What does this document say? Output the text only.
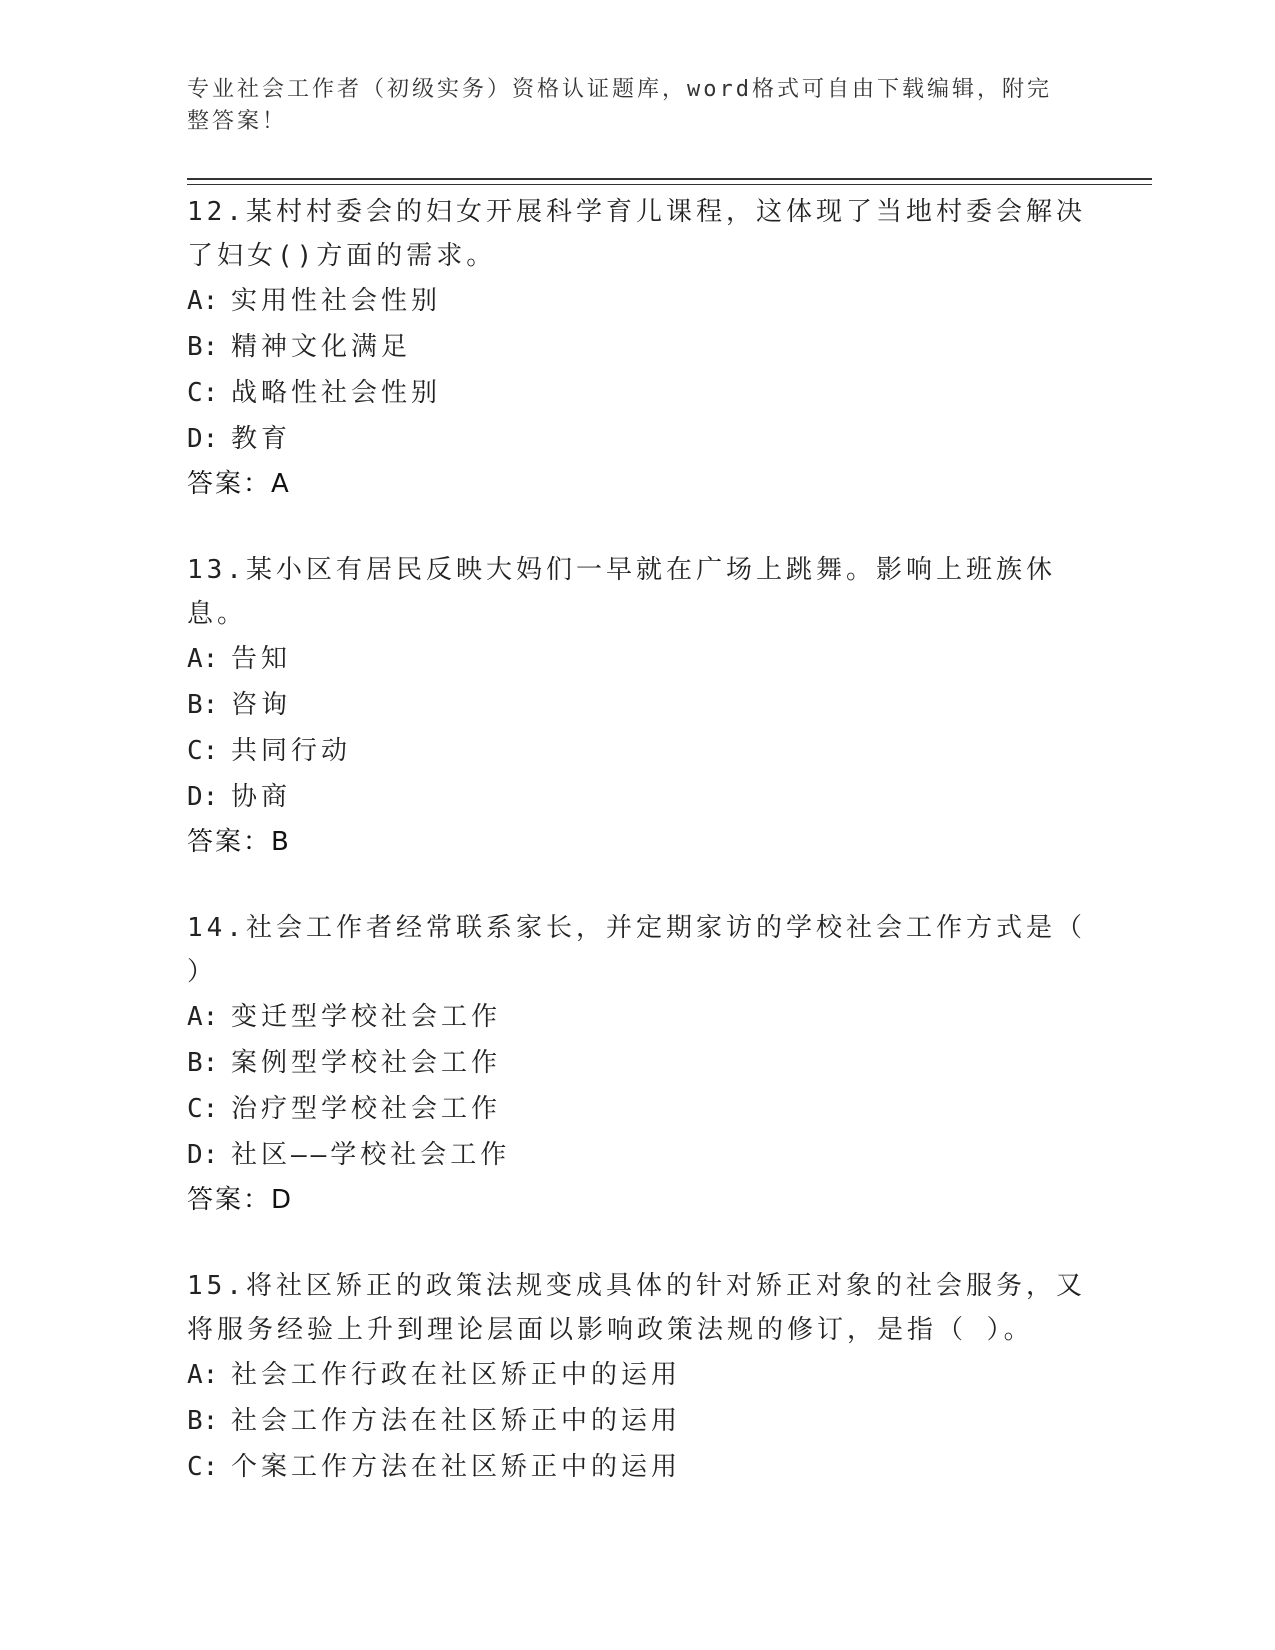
专业社会工作者（初级实务）资格认证题库，word格式可自由下载编辑，附完整答案！
12.某村村委会的妇女开展科学育儿课程，这体现了当地村委会解决了妇女()方面的需求。
A: 实用性社会性别
B: 精神文化满足
C: 战略性社会性别
D: 教育
答案：A
13.某小区有居民反映大妈们一早就在广场上跳舞。影响上班族休息。
A: 告知
B: 咨询
C: 共同行动
D: 协商
答案：B
14.社会工作者经常联系家长，并定期家访的学校社会工作方式是（ ）
A: 变迁型学校社会工作
B: 案例型学校社会工作
C: 治疗型学校社会工作
D: 社区——学校社会工作
答案：D
15.将社区矫正的政策法规变成具体的针对矫正对象的社会服务，又将服务经验上升到理论层面以影响政策法规的修订，是指（ ）。
A: 社会工作行政在社区矫正中的运用
B: 社会工作方法在社区矫正中的运用
C: 个案工作方法在社区矫正中的运用
